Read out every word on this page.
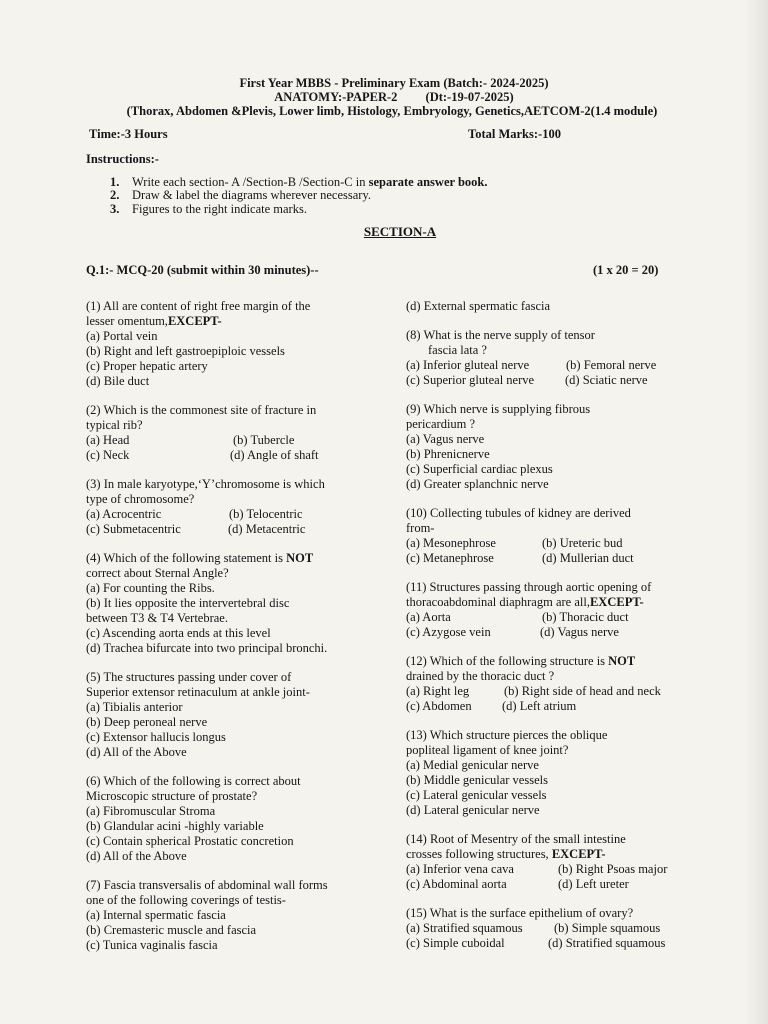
First Year MBBS - Preliminary Exam (Batch:- 2024-2025)
ANATOMY:-PAPER-2 (Dt:-19-07-2025)
(Thorax, Abdomen &Plevis, Lower limb, Histology, Embryology, Genetics,AETCOM-2(1.4 module)
Time:-3 Hours	Total Marks:-100
Instructions:-
1. Write each section- A /Section-B /Section-C in separate answer book.
2. Draw & label the diagrams wherever necessary.
3. Figures to the right indicate marks.
SECTION-A
Q.1:- MCQ-20 (submit within 30 minutes)--	(1 x 20 = 20)
(1) All are content of right free margin of the
lesser omentum,EXCEPT-
(a) Portal vein
(b) Right and left gastroepiploic vessels
(c) Proper hepatic artery
(d) Bile duct
(2) Which is the commonest site of fracture in
typical rib?
(a) Head	(b) Tubercle
(c) Neck	(d) Angle of shaft
(3) In male karyotype,‘Y’chromosome is which
type of chromosome?
(a) Acrocentric	(b) Telocentric
(c) Submetacentric	(d) Metacentric
(4) Which of the following statement is NOT
correct about Sternal Angle?
(a) For counting the Ribs.
(b) It lies opposite the intervertebral disc
between T3 & T4 Vertebrae.
(c) Ascending aorta ends at this level
(d) Trachea bifurcate into two principal bronchi.
(5) The structures passing under cover of
Superior extensor retinaculum at ankle joint-
(a) Tibialis anterior
(b) Deep peroneal nerve
(c) Extensor hallucis longus
(d) All of the Above
(6) Which of the following is correct about
Microscopic structure of prostate?
(a) Fibromuscular Stroma
(b) Glandular acini -highly variable
(c) Contain spherical Prostatic concretion
(d) All of the Above
(7) Fascia transversalis of abdominal wall forms
one of the following coverings of testis-
(a) Internal spermatic fascia
(b) Cremasteric muscle and fascia
(c) Tunica vaginalis fascia
(d) External spermatic fascia
(8) What is the nerve supply of tensor
fascia lata ?
(a) Inferior gluteal nerve	(b) Femoral nerve
(c) Superior gluteal nerve (d) Sciatic nerve
(9) Which nerve is supplying fibrous
pericardium ?
(a) Vagus nerve
(b) Phrenicnerve
(c) Superficial cardiac plexus
(d) Greater splanchnic nerve
(10) Collecting tubules of kidney are derived
from-
(a) Mesonephrose	(b) Ureteric bud
(c) Metanephrose	(d) Mullerian duct
(11) Structures passing through aortic opening of
thoracoabdominal diaphragm are all,EXCEPT-
(a) Aorta	(b) Thoracic duct
(c) Azygose vein	(d) Vagus nerve
(12) Which of the following structure is NOT
drained by the thoracic duct ?
(a) Right leg	(b) Right side of head and neck
(c) Abdomen (d) Left atrium
(13) Which structure pierces the oblique
popliteal ligament of knee joint?
(a) Medial genicular nerve
(b) Middle genicular vessels
(c) Lateral genicular vessels
(d) Lateral genicular nerve
(14) Root of Mesentry of the small intestine
crosses following structures, EXCEPT-
(a) Inferior vena cava	(b) Right Psoas major
(c) Abdominal aorta	(d) Left ureter
(15) What is the surface epithelium of ovary?
(a) Stratified squamous	(b) Simple squamous
(c) Simple cuboidal	(d) Stratified squamous
